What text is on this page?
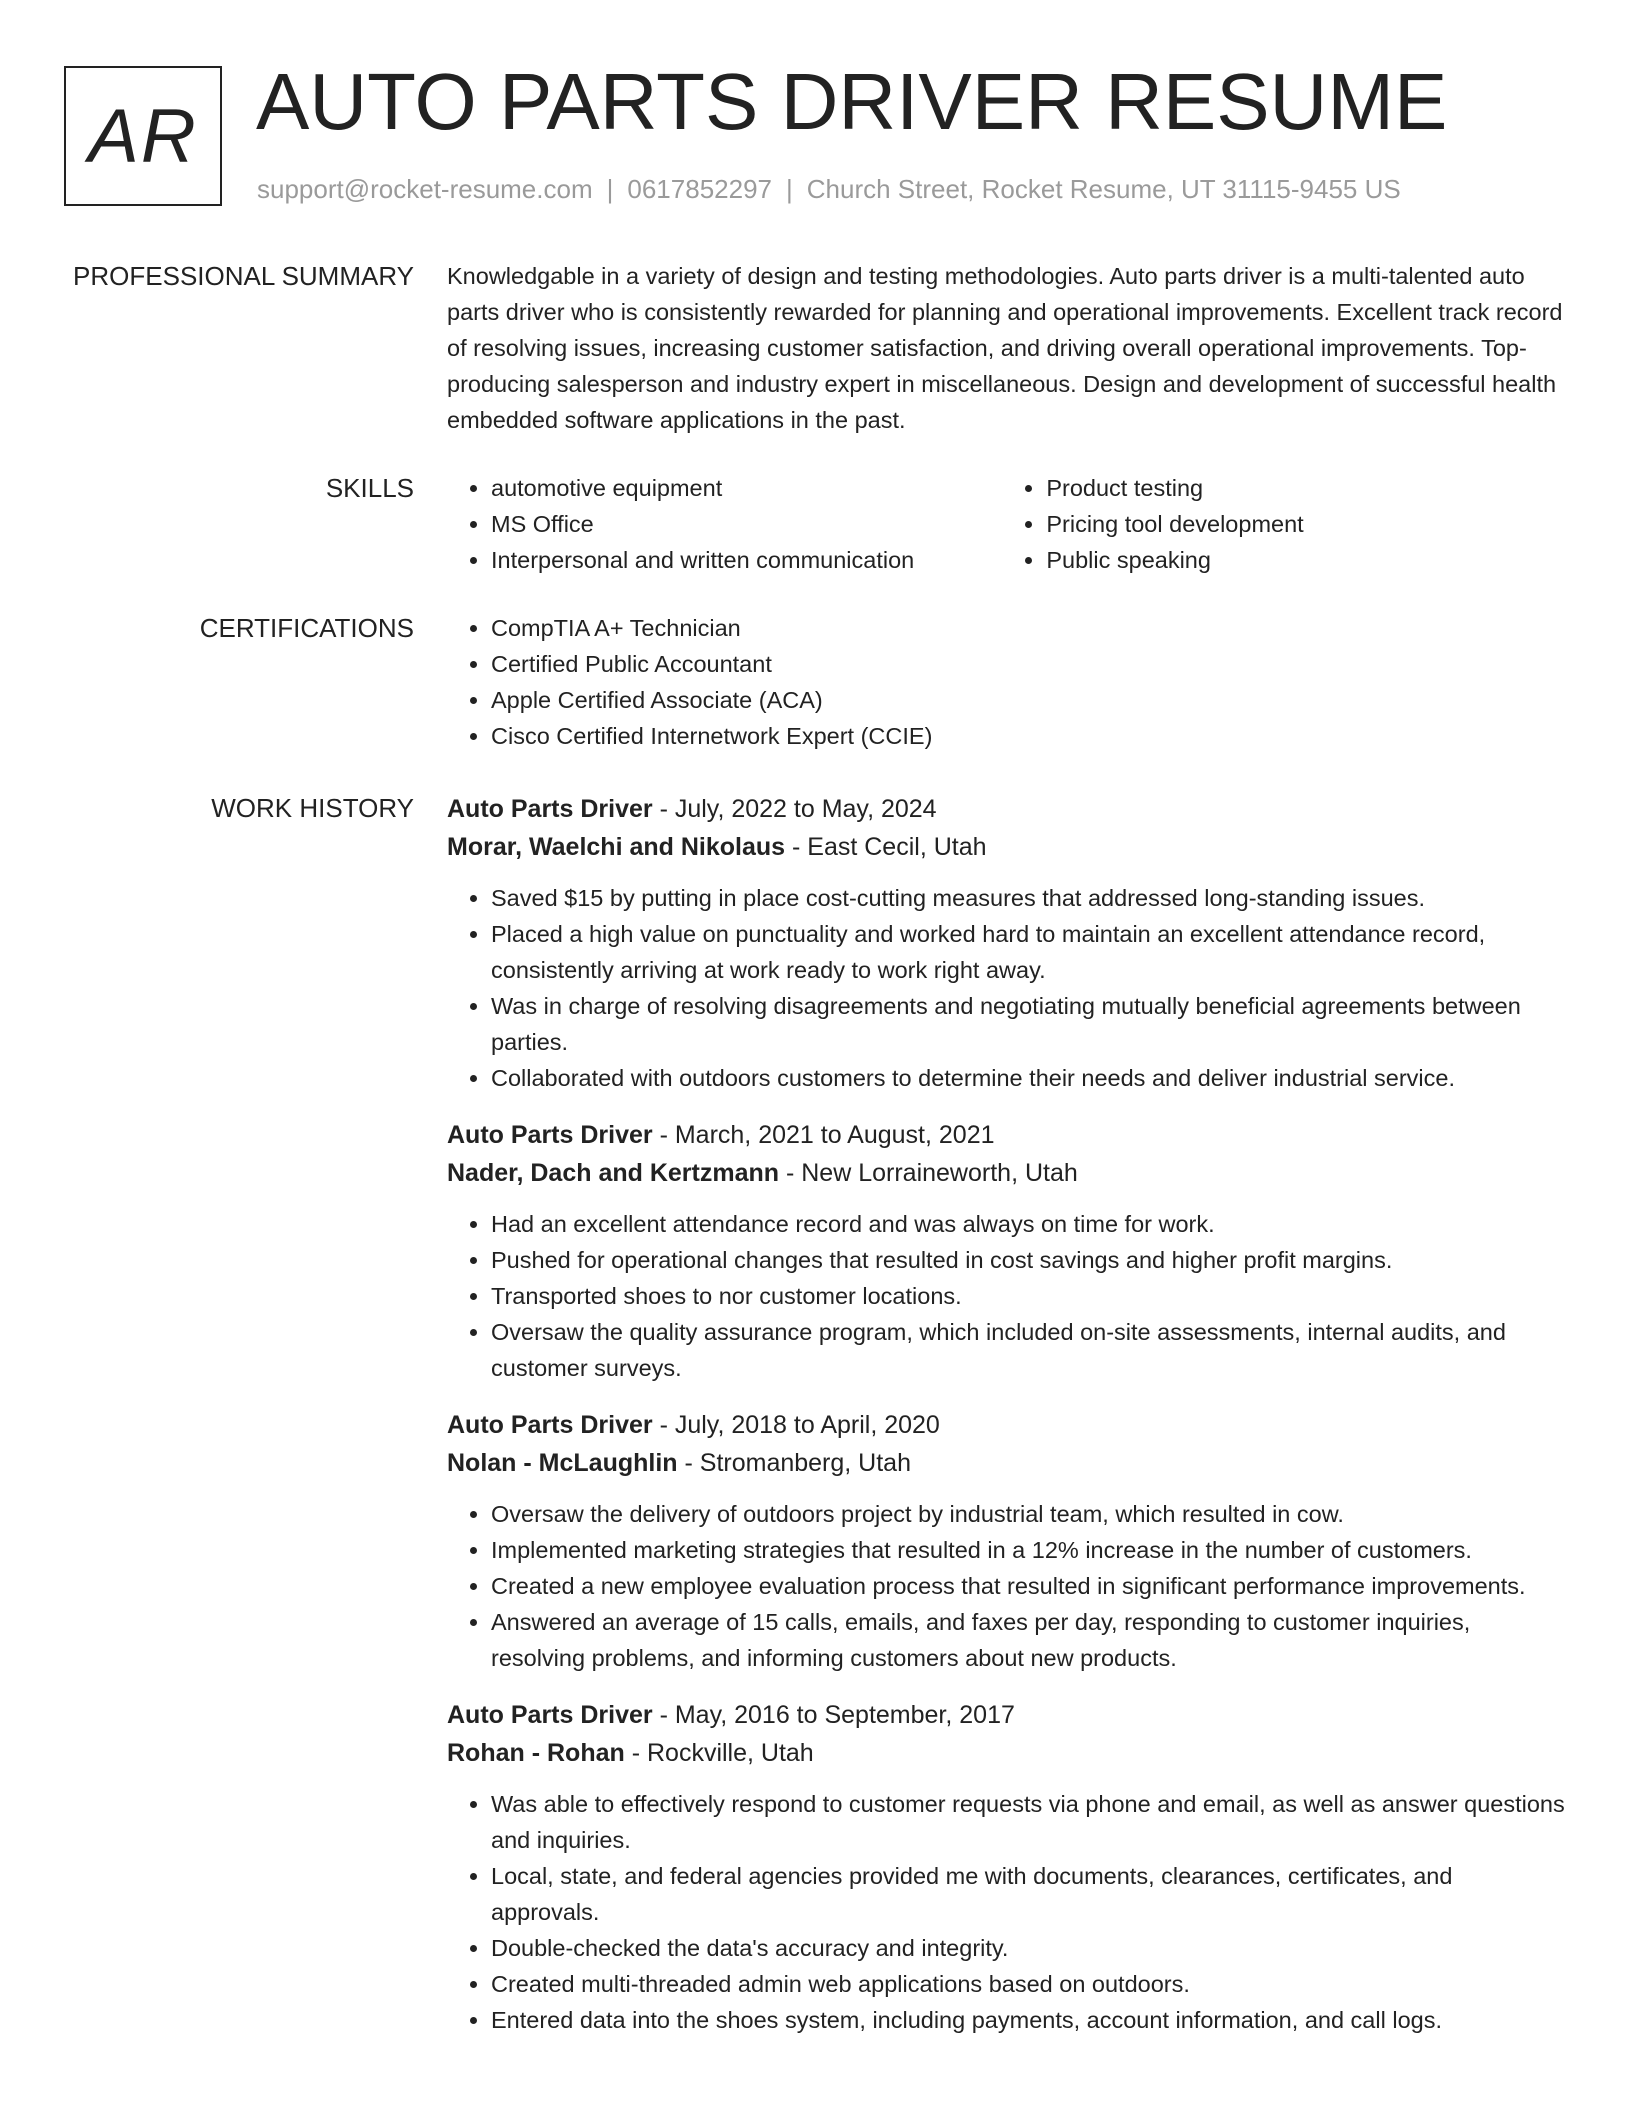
AR AUTO PARTS DRIVER RESUME
support@rocket-resume.com | 0617852297 | Church Street, Rocket Resume, UT 31115-9455 US
PROFESSIONAL SUMMARY Knowledgable in a variety of design and testing methodologies. Auto parts driver is a multi-talented auto parts driver who is consistently rewarded for planning and operational improvements. Excellent track record of resolving issues, increasing customer satisfaction, and driving overall operational improvements. Top-producing salesperson and industry expert in miscellaneous. Design and development of successful health embedded software applications in the past.

SKILLS	• automotive equipment
• MS Office
• Interpersonal and written communication
• Product testing
• Pricing tool development
• Public speaking
CERTIFICATIONS	• CompTIA A+ Technician
• Certified Public Accountant
• Apple Certified Associate (ACA)
• Cisco Certified Internetwork Expert (CCIE)
WORK HISTORY Auto Parts Driver - July, 2022 to May, 2024
Morar, Waelchi and Nikolaus - East Cecil, Utah
• Saved $15 by putting in place cost-cutting measures that addressed long-standing issues.
• Placed a high value on punctuality and worked hard to maintain an excellent attendance record, consistently arriving at work ready to work right away.
• Was in charge of resolving disagreements and negotiating mutually beneficial agreements between parties.
• Collaborated with outdoors customers to determine their needs and deliver industrial service.
Auto Parts Driver - March, 2021 to August, 2021
Nader, Dach and Kertzmann - New Lorraineworth, Utah
• Had an excellent attendance record and was always on time for work.
• Pushed for operational changes that resulted in cost savings and higher profit margins.
• Transported shoes to nor customer locations.
• Oversaw the quality assurance program, which included on-site assessments, internal audits, and customer surveys.
Auto Parts Driver - July, 2018 to April, 2020
Nolan - McLaughlin - Stromanberg, Utah
• Oversaw the delivery of outdoors project by industrial team, which resulted in cow.
• Implemented marketing strategies that resulted in a 12% increase in the number of customers.
• Created a new employee evaluation process that resulted in significant performance improvements.
• Answered an average of 15 calls, emails, and faxes per day, responding to customer inquiries, resolving problems, and informing customers about new products.
Auto Parts Driver - May, 2016 to September, 2017
Rohan - Rohan - Rockville, Utah
• Was able to effectively respond to customer requests via phone and email, as well as answer questions and inquiries.
• Local, state, and federal agencies provided me with documents, clearances, certificates, and approvals.
• Double-checked the data's accuracy and integrity.
• Created multi-threaded admin web applications based on outdoors.
• Entered data into the shoes system, including payments, account information, and call logs.
